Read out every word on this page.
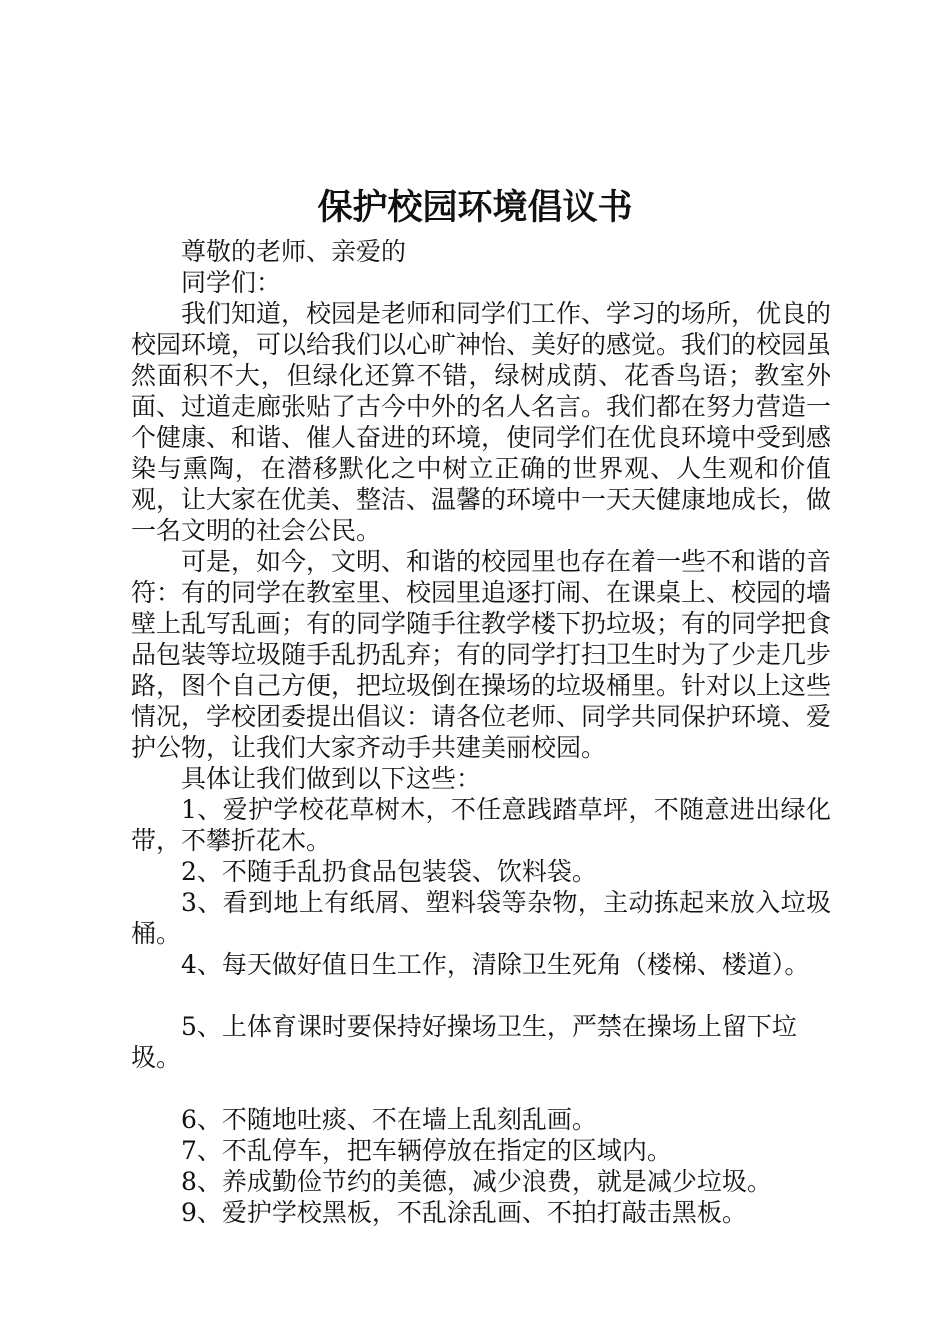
保护校园环境倡议书

尊敬的老师、亲爱的

同学们：

我们知道，校园是老师和同学们工作、学习的场所，优良的校园环境，可以给我们以心旷神怡、美好的感觉。我们的校园虽然面积不大，但绿化还算不错，绿树成荫、花香鸟语；教室外面、过道走廊张贴了古今中外的名人名言。我们都在努力营造一个健康、和谐、催人奋进的环境，使同学们在优良环境中受到感染与熏陶，在潜移默化之中树立正确的世界观、人生观和价值观，让大家在优美、整洁、温馨的环境中一天天健康地成长，做一名文明的社会公民。

可是，如今，文明、和谐的校园里也存在着一些不和谐的音符：有的同学在教室里、校园里追逐打闹、在课桌上、校园的墙壁上乱写乱画；有的同学随手往教学楼下扔垃圾；有的同学把食品包装等垃圾随手乱扔乱弃；有的同学打扫卫生时为了少走几步路，图个自己方便，把垃圾倒在操场的垃圾桶里。针对以上这些情况，学校团委提出倡议：请各位老师、同学共同保护环境、爱护公物，让我们大家齐动手共建美丽校园。

具体让我们做到以下这些：

1、爱护学校花草树木，不任意践踏草坪，不随意进出绿化带，不攀折花木。

2、不随手乱扔食品包装袋、饮料袋。

3、看到地上有纸屑、塑料袋等杂物，主动拣起来放入垃圾桶。

4、每天做好值日生工作，清除卫生死角（楼梯、楼道）。

5、上体育课时要保持好操场卫生，严禁在操场上留下垃圾。

6、不随地吐痰、不在墙上乱刻乱画。

7、不乱停车，把车辆停放在指定的区域内。

8、养成勤俭节约的美德，减少浪费，就是减少垃圾。

9、爱护学校黑板，不乱涂乱画、不拍打敲击黑板。
